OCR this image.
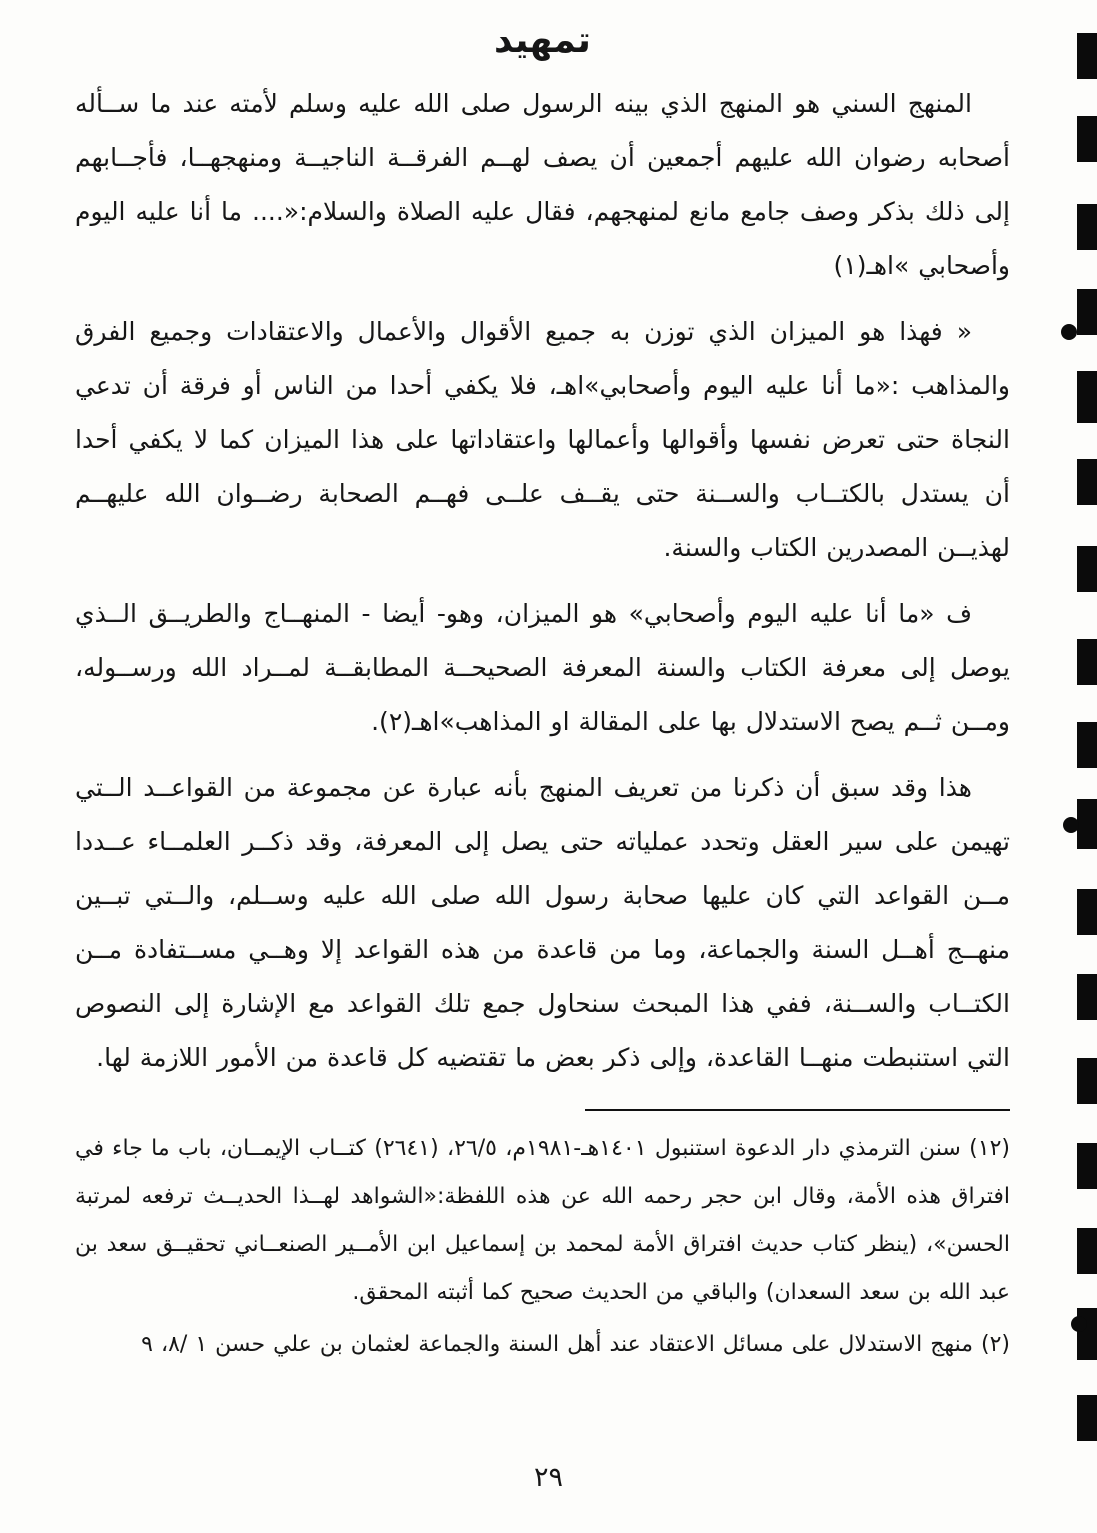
تمهيد

المنهج السني هو المنهج الذي بينه الرسول صلى الله عليه وسلم لأمته عند ما ســأله أصحابه رضوان الله عليهم أجمعين أن يصف لهــم الفرقــة الناجيــة ومنهجهــا، فأجــابهم إلى ذلك بذكر وصف جامع مانع لمنهجهم، فقال عليه الصلاة والسلام:«.... ما أنا عليه اليوم وأصحابي »اهـ(١)

« فهذا هو الميزان الذي توزن به جميع الأقوال والأعمال والاعتقادات وجميع الفرق والمذاهب :«ما أنا عليه اليوم وأصحابي»اهـ، فلا يكفي أحدا من الناس أو فرقة أن تدعي النجاة حتى تعرض نفسها وأقوالها وأعمالها واعتقاداتها على هذا الميزان كما لا يكفي أحدا أن يستدل بالكتــاب والســنة حتى يقــف علــى فهــم الصحابة رضــوان الله عليهــم لهذيــن المصدرين الكتاب والسنة.

ف «ما أنا عليه اليوم وأصحابي» هو الميزان، وهو- أيضا - المنهــاج والطريــق الــذي يوصل إلى معرفة الكتاب والسنة المعرفة الصحيحــة المطابقــة لمــراد الله ورســوله، ومــن ثــم يصح الاستدلال بها على المقالة او المذاهب»اهـ(٢).

هذا وقد سبق أن ذكرنا من تعريف المنهج بأنه عبارة عن مجموعة من القواعــد الــتي تهيمن على سير العقل وتحدد عملياته حتى يصل إلى المعرفة، وقد ذكــر العلمــاء عــددا مــن القواعد التي كان عليها صحابة رسول الله صلى الله عليه وســلم، والــتي تبــين منهــج أهــل السنة والجماعة، وما من قاعدة من هذه القواعد إلا وهــي مســتفادة مــن الكتــاب والســنة، ففي هذا المبحث سنحاول جمع تلك القواعد مع الإشارة إلى النصوص التي استنبطت منهــا القاعدة، وإلى ذكر بعض ما تقتضيه كل قاعدة من الأمور اللازمة لها.

(١٢) سنن الترمذي دار الدعوة استنبول ١٤٠١هـ-١٩٨١م، ٢٦/٥، (٢٦٤١) كتــاب الإيمــان، باب ما جاء في افتراق هذه الأمة، وقال ابن حجر رحمه الله عن هذه اللفظة:«الشواهد لهــذا الحديــث ترفعه لمرتبة الحسن»، (ينظر كتاب حديث افتراق الأمة لمحمد بن إسماعيل ابن الأمــير الصنعــاني تحقيــق سعد بن عبد الله بن سعد السعدان) والباقي من الحديث صحيح كما أثبته المحقق.

(٢) منهج الاستدلال على مسائل الاعتقاد عند أهل السنة والجماعة لعثمان بن علي حسن ١ /٨، ٩

٢٩
